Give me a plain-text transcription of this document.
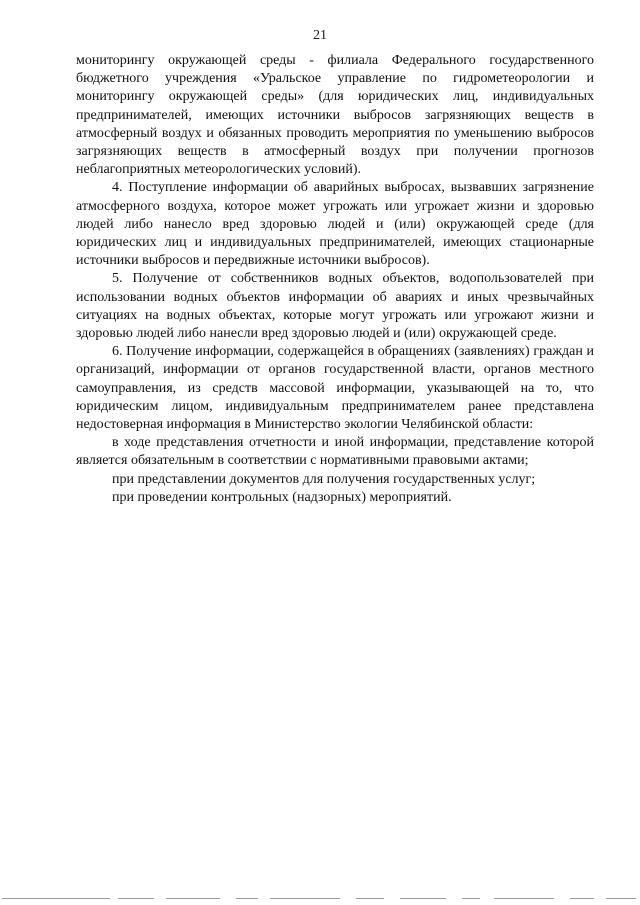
21

мониторингу окружающей среды - филиала Федерального государственного бюджетного учреждения «Уральское управление по гидрометеорологии и мониторингу окружающей среды» (для юридических лиц, индивидуальных предпринимателей, имеющих источники выбросов загрязняющих веществ в атмосферный воздух и обязанных проводить мероприятия по уменьшению выбросов загрязняющих веществ в атмосферный воздух при получении прогнозов неблагоприятных метеорологических условий).

4. Поступление информации об аварийных выбросах, вызвавших загрязнение атмосферного воздуха, которое может угрожать или угрожает жизни и здоровью людей либо нанесло вред здоровью людей и (или) окружающей среде (для юридических лиц и индивидуальных предпринимателей, имеющих стационарные источники выбросов и передвижные источники выбросов).

5. Получение от собственников водных объектов, водопользователей при использовании водных объектов информации об авариях и иных чрезвычайных ситуациях на водных объектах, которые могут угрожать или угрожают жизни и здоровью людей либо нанесли вред здоровью людей и (или) окружающей среде.

6. Получение информации, содержащейся в обращениях (заявлениях) граждан и организаций, информации от органов государственной власти, органов местного самоуправления, из средств массовой информации, указывающей на то, что юридическим лицом, индивидуальным предпринимателем ранее представлена недостоверная информация в Министерство экологии Челябинской области:

в ходе представления отчетности и иной информации, представление которой является обязательным в соответствии с нормативными правовыми актами;

при представлении документов для получения государственных услуг;

при проведении контрольных (надзорных) мероприятий.
